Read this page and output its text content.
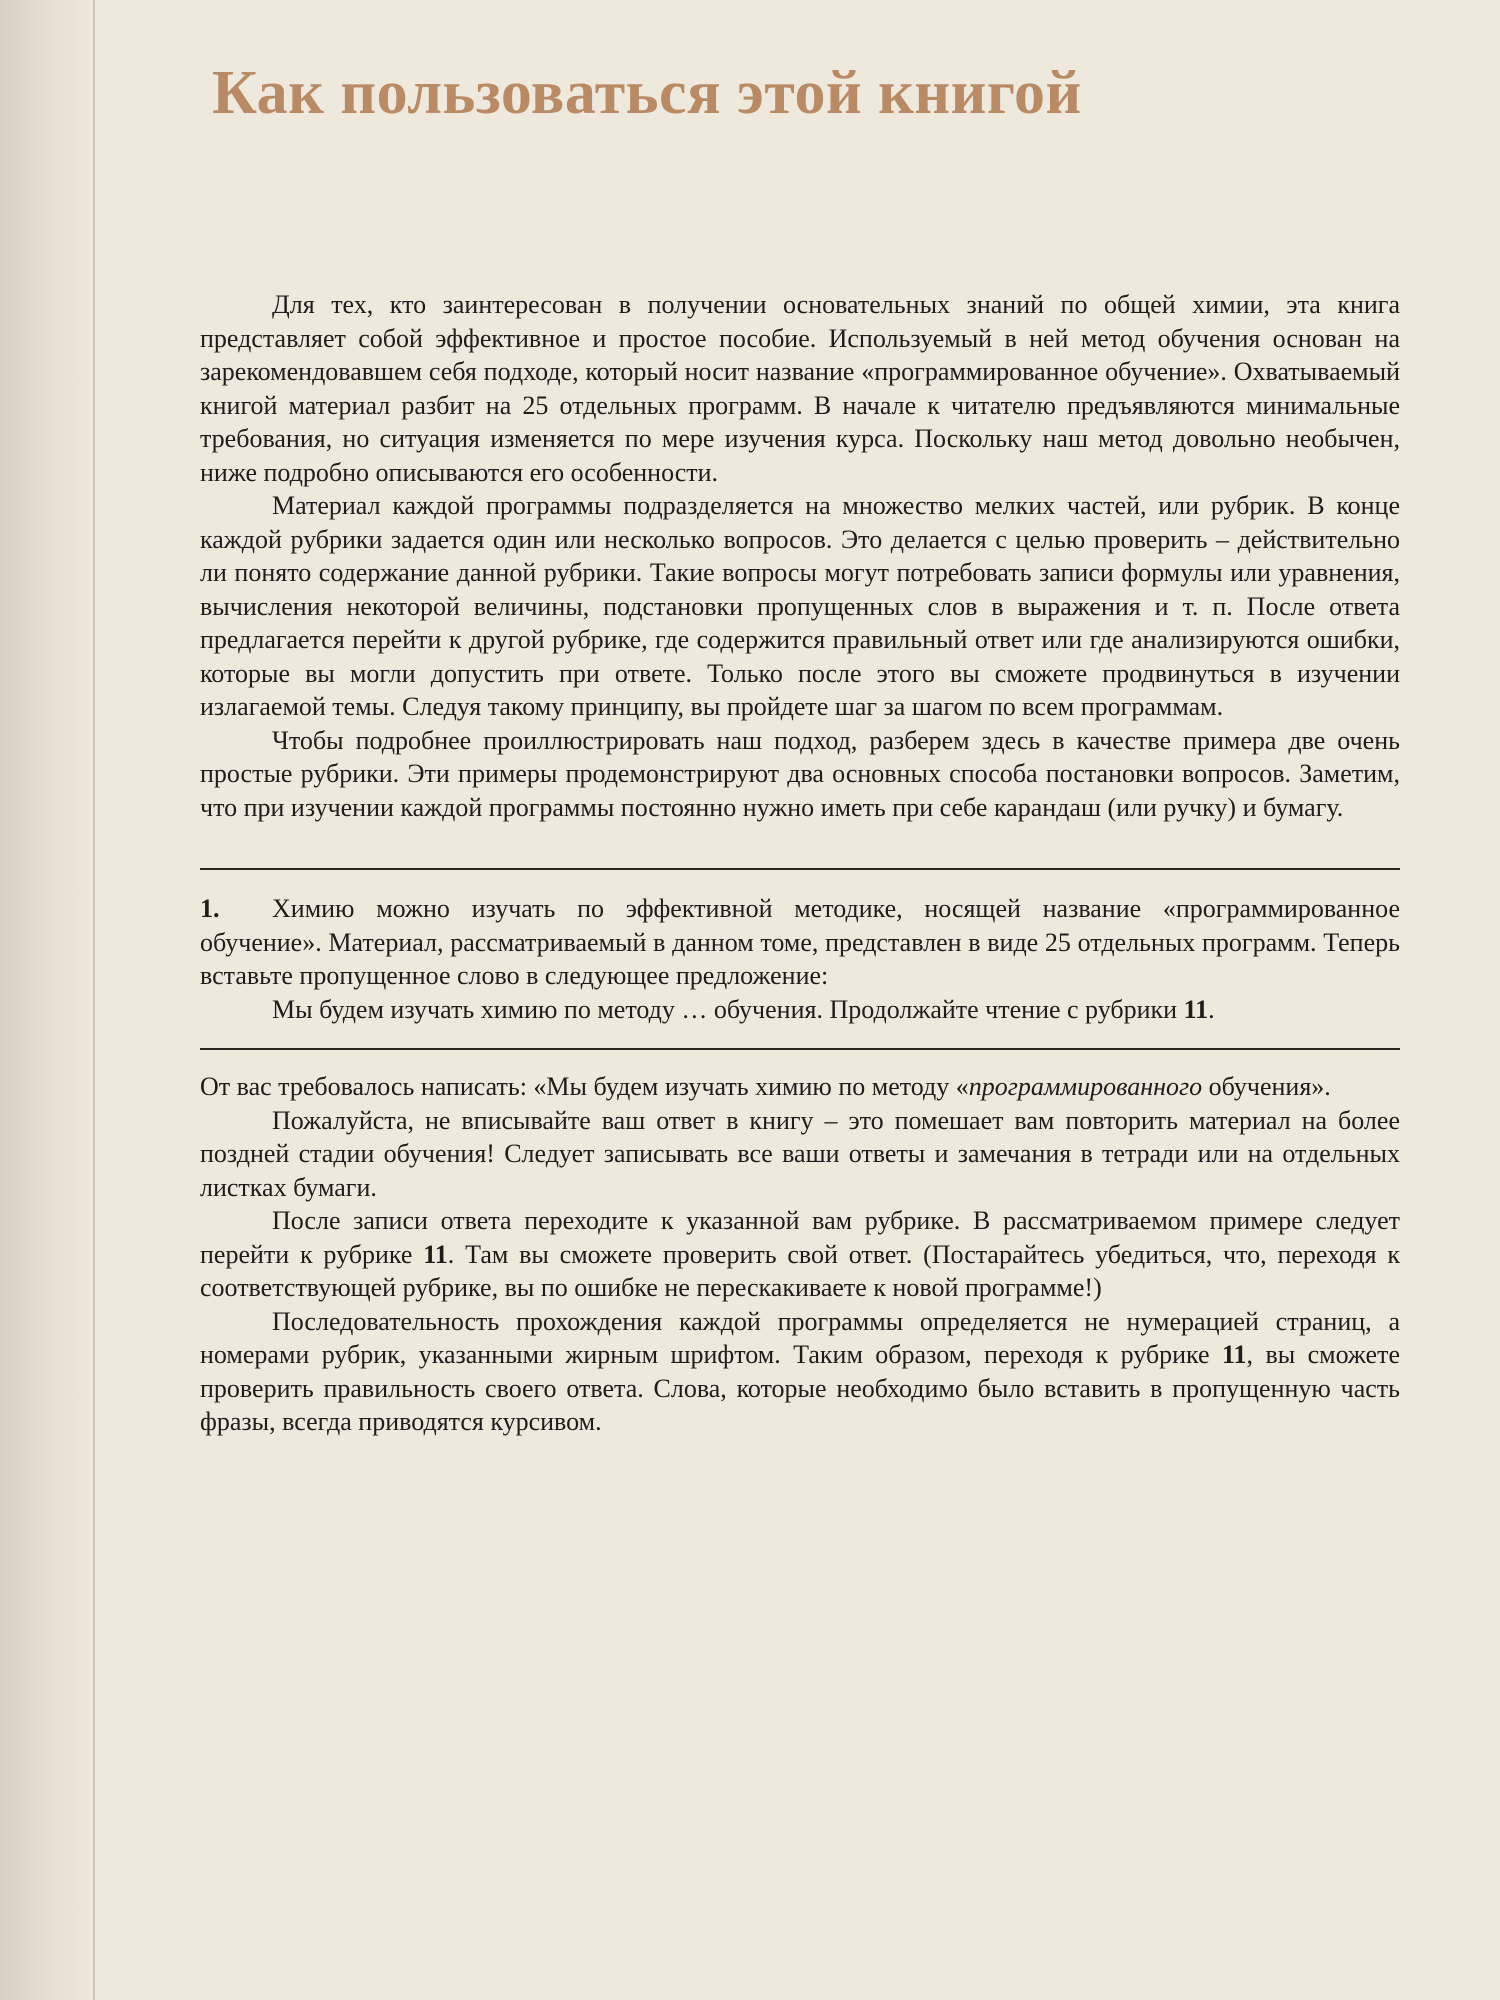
Как пользоваться этой книгой

Для тех, кто заинтересован в получении основательных знаний по общей химии, эта книга представляет собой эффективное и простое пособие. Используемый в ней метод обучения основан на зарекомендовавшем себя подходе, который носит название «программированное обучение». Охватываемый книгой материал разбит на 25 отдельных программ. В начале к читателю предъявляются минимальные требования, но ситуация изменяется по мере изучения курса. Поскольку наш метод довольно необычен, ниже подробно описываются его особенности.

Материал каждой программы подразделяется на множество мелких частей, или рубрик. В конце каждой рубрики задается один или несколько вопросов. Это делается с целью проверить – действительно ли понято содержание данной рубрики. Такие вопросы могут потребовать записи формулы или уравнения, вычисления некоторой величины, подстановки пропущенных слов в выражения и т. п. После ответа предлагается перейти к другой рубрике, где содержится правильный ответ или где анализируются ошибки, которые вы могли допустить при ответе. Только после этого вы сможете продвинуться в изучении излагаемой темы. Следуя такому принципу, вы пройдете шаг за шагом по всем программам.

Чтобы подробнее проиллюстрировать наш подход, разберем здесь в качестве примера две очень простые рубрики. Эти примеры продемонстрируют два основных способа постановки вопросов. Заметим, что при изучении каждой программы постоянно нужно иметь при себе карандаш (или ручку) и бумагу.

1. Химию можно изучать по эффективной методике, носящей название «программированное обучение». Материал, рассматриваемый в данном томе, представлен в виде 25 отдельных программ. Теперь вставьте пропущенное слово в следующее предложение:

Мы будем изучать химию по методу … обучения. Продолжайте чтение с рубрики 11.

От вас требовалось написать: «Мы будем изучать химию по методу «программированного обучения».

Пожалуйста, не вписывайте ваш ответ в книгу – это помешает вам повторить материал на более поздней стадии обучения! Следует записывать все ваши ответы и замечания в тетради или на отдельных листках бумаги.

После записи ответа переходите к указанной вам рубрике. В рассматриваемом примере следует перейти к рубрике 11. Там вы сможете проверить свой ответ. (Постарайтесь убедиться, что, переходя к соответствующей рубрике, вы по ошибке не перескакиваете к новой программе!)

Последовательность прохождения каждой программы определяется не нумерацией страниц, а номерами рубрик, указанными жирным шрифтом. Таким образом, переходя к рубрике 11, вы сможете проверить правильность своего ответа. Слова, которые необходимо было вставить в пропущенную часть фразы, всегда приводятся курсивом.
